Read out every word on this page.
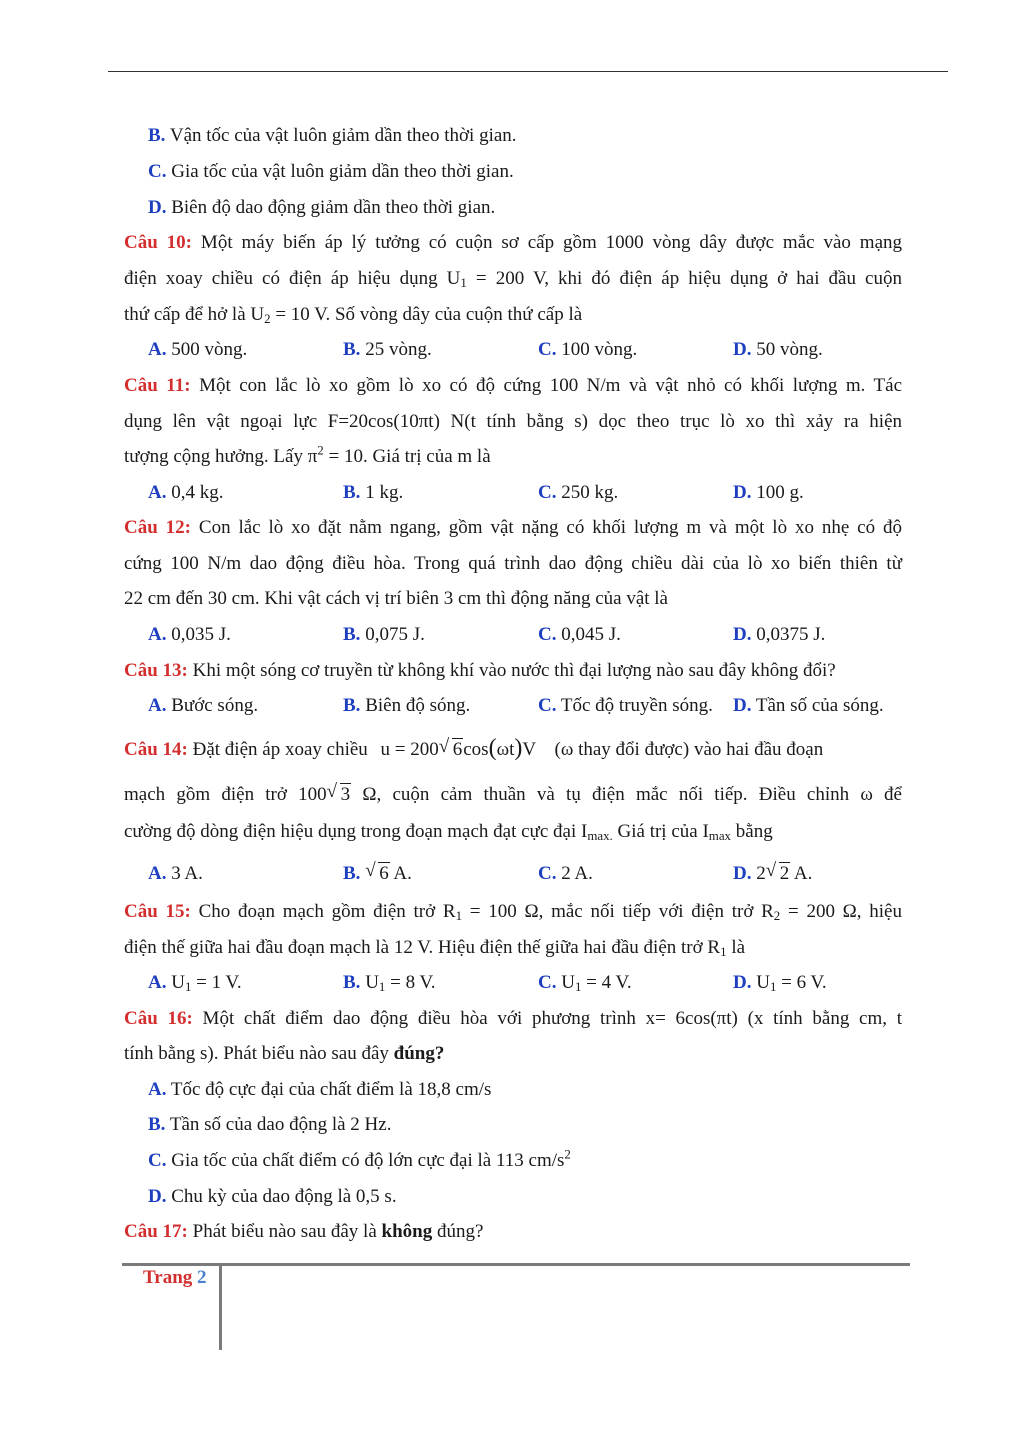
B. Vận tốc của vật luôn giảm dần theo thời gian.
C. Gia tốc của vật luôn giảm dần theo thời gian.
D. Biên độ dao động giảm dần theo thời gian.
Câu 10: Một máy biến áp lý tưởng có cuộn sơ cấp gồm 1000 vòng dây được mắc vào mạng
điện xoay chiều có điện áp hiệu dụng $U_1 = 200$ V, khi đó điện áp hiệu dụng ở hai đầu cuộn
thứ cấp để hở là $U_2 = 10$ V. Số vòng dây của cuộn thứ cấp là
A. 500 vòng.	B. 25 vòng.	C. 100 vòng.	D. 50 vòng.
Câu 11: Một con lắc lò xo gồm lò xo có độ cứng 100 N/m và vật nhỏ có khối lượng m. Tác
dụng lên vật ngoại lực F=20cos(10πt) N(t tính bằng s) dọc theo trục lò xo thì xảy ra hiện
tượng cộng hưởng. Lấy $\pi^2 = 10$. Giá trị của m là
A. 0,4 kg.	B. 1 kg.	C. 250 kg.	D. 100 g.
Câu 12: Con lắc lò xo đặt nằm ngang, gồm vật nặng có khối lượng m và một lò xo nhẹ có độ
cứng 100 N/m dao động điều hòa. Trong quá trình dao động chiều dài của lò xo biến thiên từ
22 cm đến 30 cm. Khi vật cách vị trí biên 3 cm thì động năng của vật là
A. 0,035 J.	B. 0,075 J.	C. 0,045 J.	D. 0,0375 J.
Câu 13: Khi một sóng cơ truyền từ không khí vào nước thì đại lượng nào sau đây không đổi?
A. Bước sóng.	B. Biên độ sóng.	C. Tốc độ truyền sóng. D. Tần số của sóng.
Câu 14: Đặt điện áp xoay chiều u = 200 √ 6cos(ωt)V (ω thay đổi được) vào hai đầu đoạn
mạch gồm điện trở 100 √ 3 Ω, cuộn cảm thuần và tụ điện mắc nối tiếp. Điều chỉnh ω để
cường độ dòng điện hiệu dụng trong đoạn mạch đạt cực đại $I_{max.}$ Giá trị của $I_{max}$ bằng
A. 3 A.	B. √ 6 A.	C. 2 A.	D. 2 √ 2 A.
Câu 15: Cho đoạn mạch gồm điện trở $R_1 = 100$ Ω, mắc nối tiếp với điện trở $R_2 = 200$ Ω, hiệu
điện thế giữa hai đầu đoạn mạch là 12 V. Hiệu điện thế giữa hai đầu điện trở $R_1$ là
A. $U_1 = 1$ V.	B. $U_1 = 8$ V.	C. $U_1 = 4$ V.	D. $U_1 = 6$ V.
Câu 16: Một chất điểm dao động điều hòa với phương trình x= 6cos(πt) (x tính bằng cm, t
tính bằng s). Phát biểu nào sau đây đúng?
A. Tốc độ cực đại của chất điểm là 18,8 cm/s
B. Tần số của dao động là 2 Hz.
C. Gia tốc của chất điểm có độ lớn cực đại là 113 $cm/s^2$
D. Chu kỳ của dao động là 0,5 s.
Câu 17: Phát biểu nào sau đây là không đúng?
Trang 2
